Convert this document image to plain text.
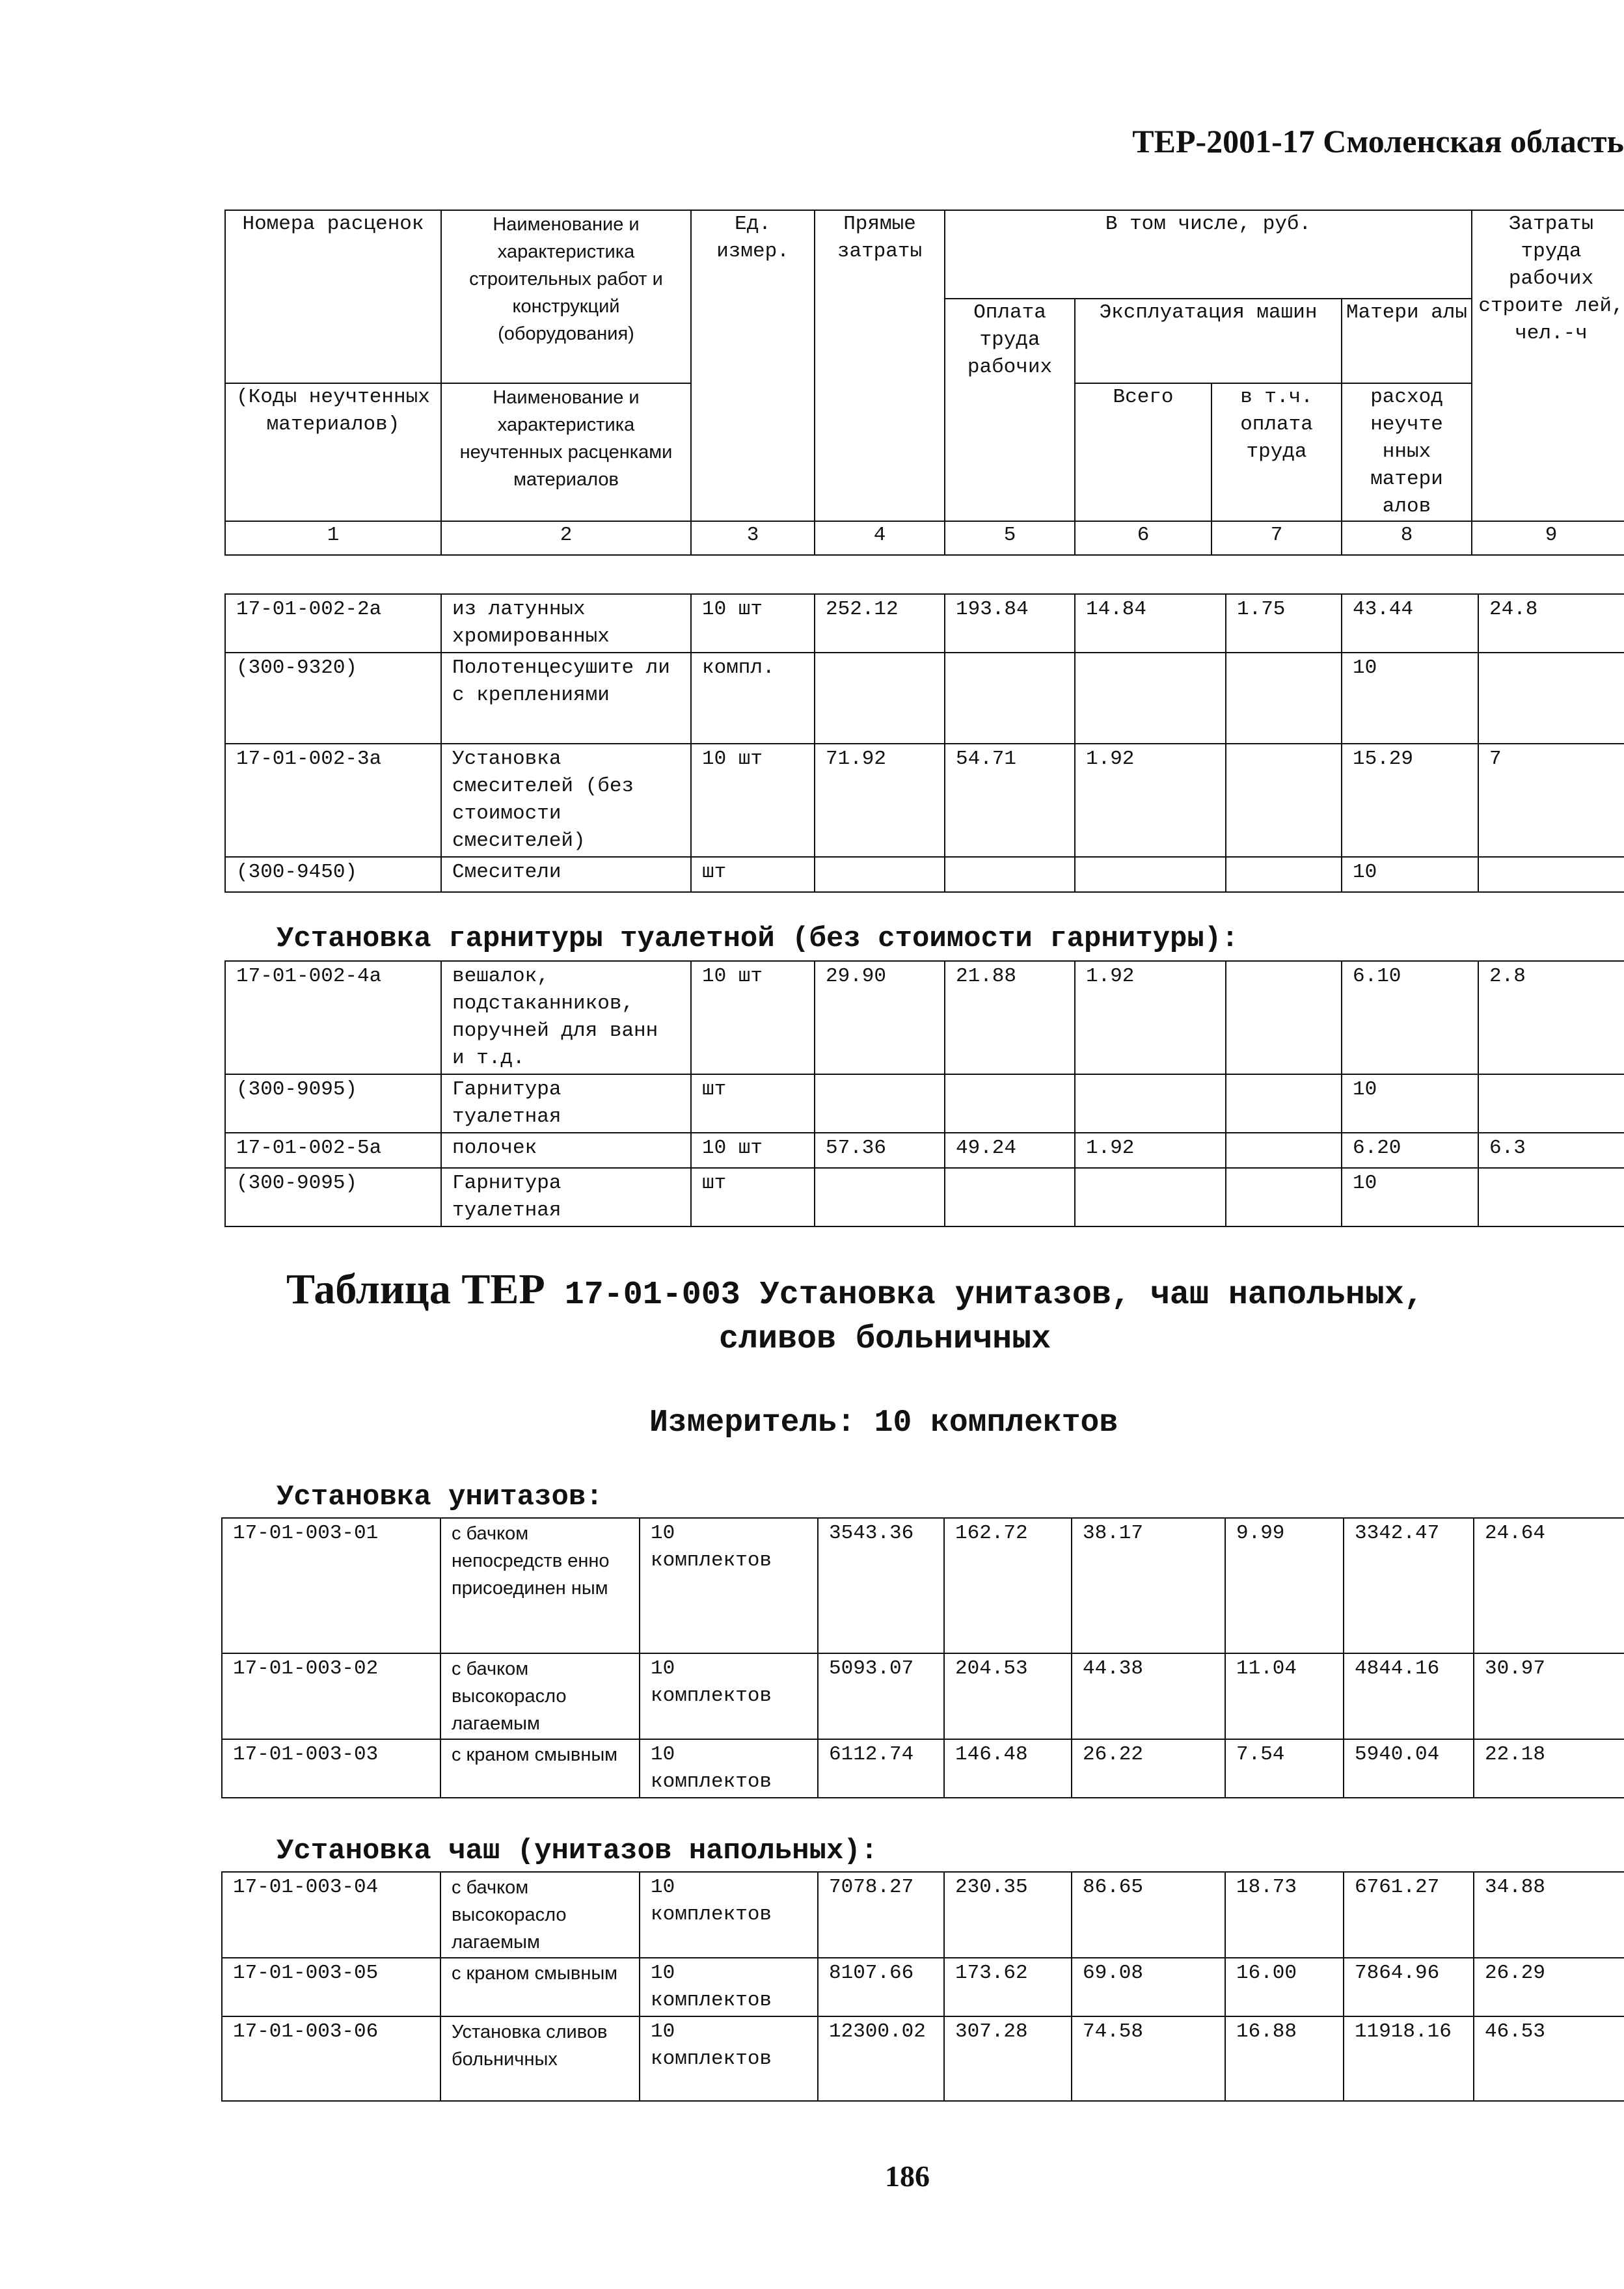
ТЕР-2001-17 Смоленская область
Номера расценок	Наименование и характеристика строительных работ и конструкций (оборудования)	Ед. измер.	Прямые затраты	В том числе, руб.				Затраты труда рабочих строите лей, чел.-ч
				Оплата труда рабочих	Эксплуатация машин		Матери алы	
(Коды неучтенных материалов)	Наименование и характеристика неучтенных расценками материалов				Всего	в т.ч. оплата труда	расход неучте нных матери алов	

1	2	3	4	5	6	7	8	9
17-01-002-2а	из латунных хромированных	10 шт	252.12	193.84	14.84	1.75	43.44	24.8
(300-9320)	Полотенцесушите ли с креплениями	компл.					10	
17-01-002-3а	Установка смесителей (без стоимости смесителей)	10 шт	71.92	54.71	1.92		15.29	7
(300-9450)	Смесители	шт					10	
Установка гарнитуры туалетной (без стоимости гарнитуры):
17-01-002-4а	вешалок, подстаканников, поручней для ванн и т.д.	10 шт	29.90	21.88	1.92		6.10	2.8
(300-9095)	Гарнитура туалетная	шт					10	
17-01-002-5а	полочек	10 шт	57.36	49.24	1.92		6.20	6.3
(300-9095)	Гарнитура туалетная	шт					10	
Таблица ТЕР 17-01-003 Установка унитазов, чаш напольных,
сливов больничных
Измеритель: 10 комплектов
Установка унитазов:
17-01-003-01	с бачком непосредств енно присоединен ным	10 комплектов	3543.36	162.72	38.17	9.99	3342.47	24.64
17-01-003-02	с бачком высокорасло лагаемым	10 комплектов	5093.07	204.53	44.38	11.04	4844.16	30.97
17-01-003-03	с краном смывным	10 комплектов	6112.74	146.48	26.22	7.54	5940.04	22.18
Установка чаш (унитазов напольных):
17-01-003-04	с бачком высокорасло лагаемым	10 комплектов	7078.27	230.35	86.65	18.73	6761.27	34.88
17-01-003-05	с краном смывным	10 комплектов	8107.66	173.62	69.08	16.00	7864.96	26.29
17-01-003-06	Установка сливов больничных	10 комплектов	12300.02	307.28	74.58	16.88	11918.16	46.53
186
